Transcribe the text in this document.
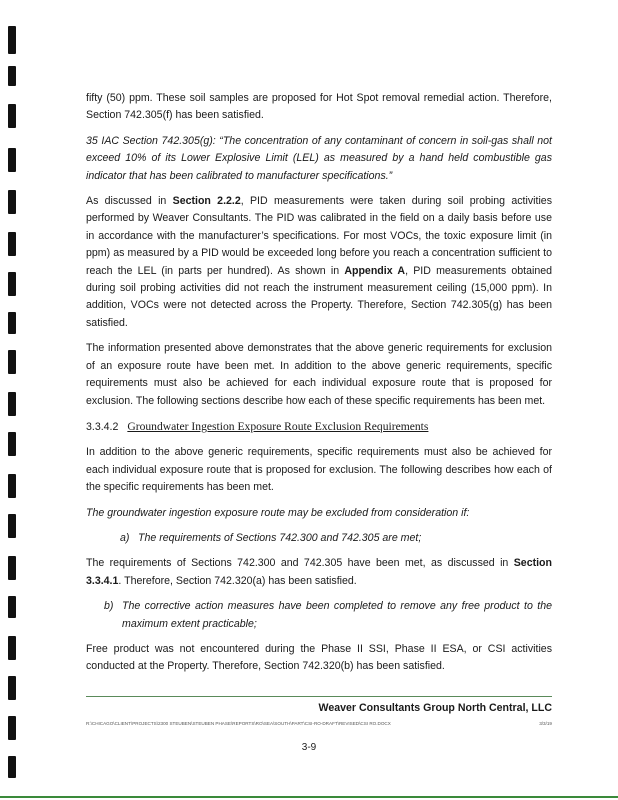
fifty (50) ppm. These soil samples are proposed for Hot Spot removal remedial action. Therefore, Section 742.305(f) has been satisfied.

35 IAC Section 742.305(g): “The concentration of any contaminant of concern in soil-gas shall not exceed 10% of its Lower Explosive Limit (LEL) as measured by a hand held combustible gas indicator that has been calibrated to manufacturer specifications.”

As discussed in Section 2.2.2, PID measurements were taken during soil probing activities performed by Weaver Consultants. The PID was calibrated in the field on a daily basis before use in accordance with the manufacturer’s specifications. For most VOCs, the toxic exposure limit (in ppm) as measured by a PID would be exceeded long before you reach a concentration sufficient to reach the LEL (in parts per hundred). As shown in Appendix A, PID measurements obtained during soil probing activities did not reach the instrument measurement ceiling (15,000 ppm). In addition, VOCs were not detected across the Property. Therefore, Section 742.305(g) has been satisfied.

The information presented above demonstrates that the above generic requirements for exclusion of an exposure route have been met. In addition to the above generic requirements, specific requirements must also be achieved for each individual exposure route that is proposed for exclusion. The following sections describe how each of these specific requirements has been met.

3.3.4.2 Groundwater Ingestion Exposure Route Exclusion Requirements

In addition to the above generic requirements, specific requirements must also be achieved for each individual exposure route that is proposed for exclusion. The following describes how each of the specific requirements has been met.

The groundwater ingestion exposure route may be excluded from consideration if:

a) The requirements of Sections 742.300 and 742.305 are met;

The requirements of Sections 742.300 and 742.305 have been met, as discussed in Section 3.3.4.1. Therefore, Section 742.320(a) has been satisfied.

b) The corrective action measures have been completed to remove any free product to the maximum extent practicable;

Free product was not encountered during the Phase II SSI, Phase II ESA, or CSI activities conducted at the Property. Therefore, Section 742.320(b) has been satisfied.

Weaver Consultants Group North Central, LLC
R:\CHICAGO\CLIENT\PROJECTS\2300 STEUBEN\STEUBEN PHASE\REPORTS\RO\SEA\SOUTH\PART\CSI-RO-DRAFT\REVISED\CSI RO.DOCX	3/3/19
3-9
